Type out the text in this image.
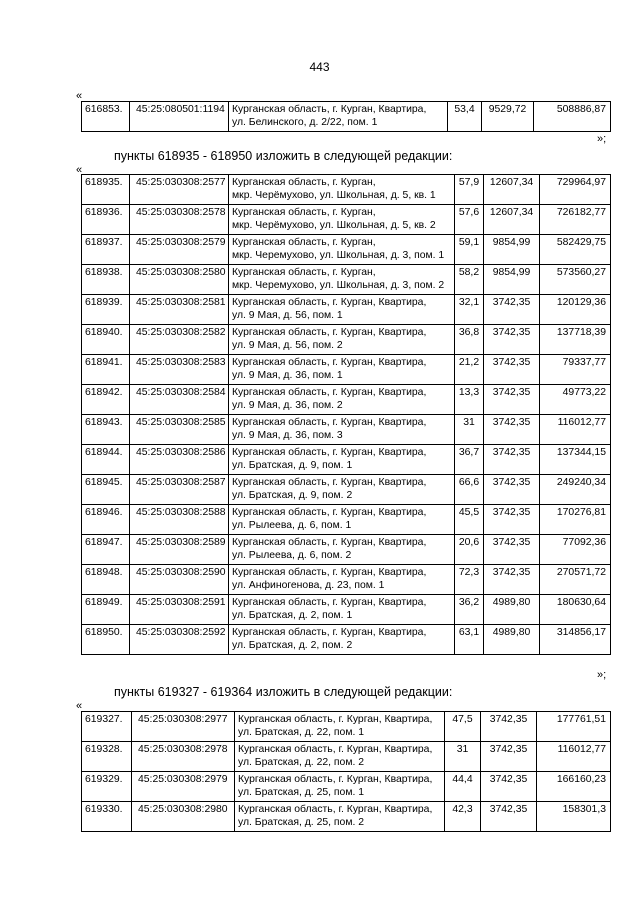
443
«
616853.	45:25:080501:1194	Курганская область, г. Курган, Квартира,
ул. Белинского, д. 2/22, пом. 1
	53,4	9529,72	508886,87
»;
пункты 618935 - 618950 изложить в следующей редакции:
«
618935.	45:25:030308:2577	Курганская область, г. Курган,
мкр. Черёмухово, ул. Школьная, д. 5, кв. 1	57,9	12607,34	729964,97
618936.	45:25:030308:2578	Курганская область, г. Курган,
мкр. Черёмухово, ул. Школьная, д. 5, кв. 2	57,6	12607,34	726182,77
618937.	45:25:030308:2579	Курганская область, г. Курган,
мкр. Черемухово, ул. Школьная, д. 3, пом. 1	59,1	9854,99	582429,75
618938.	45:25:030308:2580	Курганская область, г. Курган,
мкр. Черемухово, ул. Школьная, д. 3, пом. 2	58,2	9854,99	573560,27
618939.	45:25:030308:2581	Курганская область, г. Курган, Квартира,
ул. 9 Мая, д. 56, пом. 1	32,1	3742,35	120129,36
618940.	45:25:030308:2582	Курганская область, г. Курган, Квартира,
ул. 9 Мая, д. 56, пом. 2	36,8	3742,35	137718,39
618941.	45:25:030308:2583	Курганская область, г. Курган, Квартира,
ул. 9 Мая, д. 36, пом. 1	21,2	3742,35	79337,77
618942.	45:25:030308:2584	Курганская область, г. Курган, Квартира,
ул. 9 Мая, д. 36, пом. 2	13,3	3742,35	49773,22
618943.	45:25:030308:2585	Курганская область, г. Курган, Квартира,
ул. 9 Мая, д. 36, пом. 3	31	3742,35	116012,77
618944.	45:25:030308:2586	Курганская область, г. Курган, Квартира,
ул. Братская, д. 9, пом. 1	36,7	3742,35	137344,15
618945.	45:25:030308:2587	Курганская область, г. Курган, Квартира,
ул. Братская, д. 9, пом. 2	66,6	3742,35	249240,34
618946.	45:25:030308:2588	Курганская область, г. Курган, Квартира,
ул. Рылеева, д. 6, пом. 1	45,5	3742,35	170276,81
618947.	45:25:030308:2589	Курганская область, г. Курган, Квартира,
ул. Рылеева, д. 6, пом. 2	20,6	3742,35	77092,36
618948.	45:25:030308:2590	Курганская область, г. Курган, Квартира,
ул. Анфиногенова, д. 23, пом. 1	72,3	3742,35	270571,72
618949.	45:25:030308:2591	Курганская область, г. Курган, Квартира,
ул. Братская, д. 2, пом. 1	36,2	4989,80	180630,64
618950.	45:25:030308:2592	Курганская область, г. Курган, Квартира,
ул. Братская, д. 2, пом. 2	63,1	4989,80	314856,17
»;
пункты 619327 - 619364 изложить в следующей редакции:
«
619327.	45:25:030308:2977	Курганская область, г. Курган, Квартира,
ул. Братская, д. 22, пом. 1	47,5	3742,35	177761,51
619328.	45:25:030308:2978	Курганская область, г. Курган, Квартира,
ул. Братская, д. 22, пом. 2	31	3742,35	116012,77
619329.	45:25:030308:2979	Курганская область, г. Курган, Квартира,
ул. Братская, д. 25, пом. 1	44,4	3742,35	166160,23
619330.	45:25:030308:2980	Курганская область, г. Курган, Квартира,
ул. Братская, д. 25, пом. 2	42,3	3742,35	158301,3
